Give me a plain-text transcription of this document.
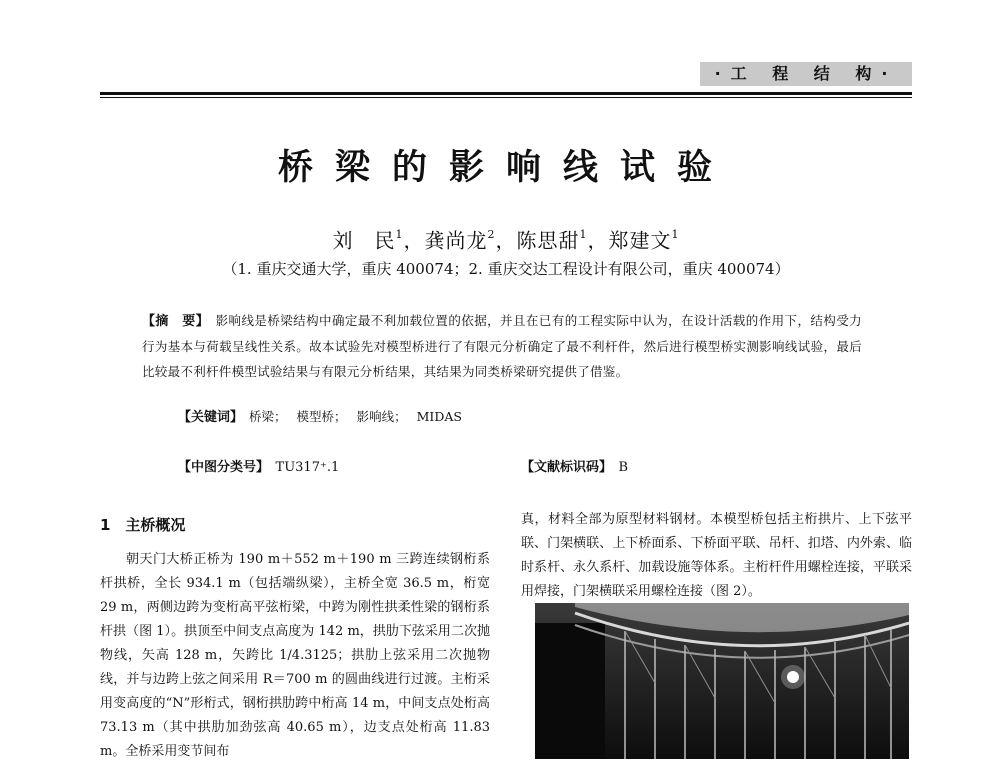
·工 程 结 构·
桥梁的影响线试验
刘　民$^1$，龚尚龙$^2$，陈思甜$^1$，郑建文$^1$
（1. 重庆交通大学，重庆 400074；2. 重庆交达工程设计有限公司，重庆 400074）
【摘　要】　 影响线是桥梁结构中确定最不利加载位置的依据，并且在已有的工程实际中认为，在设计活载的作用下，结构受力行为基本与荷载呈线性关系。故本试验先对模型桥进行了有限元分析确定了最不利杆件，然后进行模型桥实测影响线试验，最后比较最不利杆件模型试验结果与有限元分析结果，其结果为同类桥梁研究提供了借鉴。
【关键词】　 桥梁； 模型桥； 影响线； MIDAS
【中图分类号】　 TU317⁺.1	【文献标识码】　 B
1　主桥概况

朝天门大桥正桥为 190 m＋552 m＋190 m 三跨连续钢桁系杆拱桥，全长 934.1 m（包括端纵梁），主桥全宽 36.5 m，桁宽 29 m，两侧边跨为变桁高平弦桁梁，中跨为刚性拱柔性梁的钢桁系杆拱（图 1）。拱顶至中间支点高度为 142 m，拱肋下弦采用二次抛物线，矢高 128 m，矢跨比 1/4.3125；拱肋上弦采用二次抛物线，并与边跨上弦之间采用 R＝700 m 的圆曲线进行过渡。主桁采用变高度的“N”形桁式，钢桁拱肋跨中桁高 14 m，中间支点处桁高 73.13 m（其中拱肋加劲弦高 40.65 m），边支点处桁高 11.83 m。全桥采用变节间布

真，材料全部为原型材料钢材。本模型桥包括主桁拱片、上下弦平联、门架横联、上下桥面系、下桥面平联、吊杆、扣塔、内外索、临时系杆、永久系杆、加载设施等体系。主桁杆件用螺栓连接，平联采用焊接，门架横联采用螺栓连接（图 2）。
